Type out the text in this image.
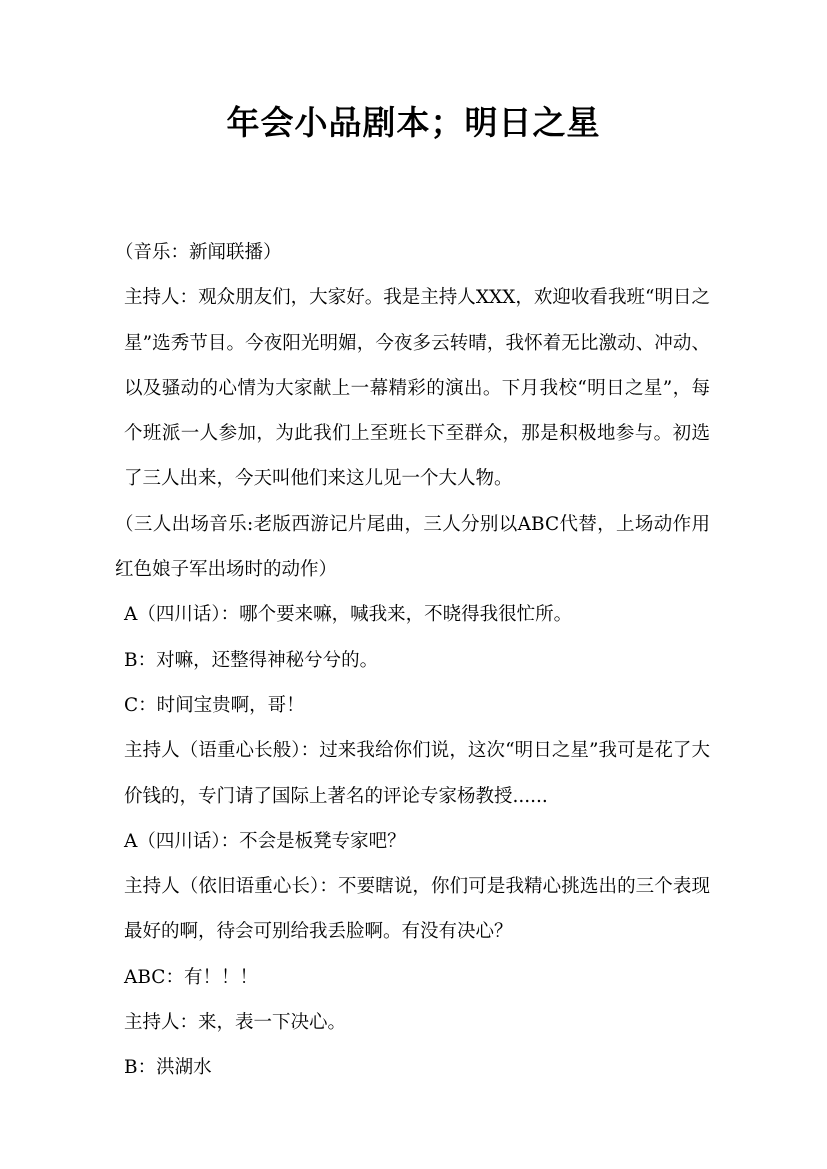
年会小品剧本；明日之星

（音乐：新闻联播）

主持人：观众朋友们，大家好。我是主持人XXX，欢迎收看我班“明日之星”选秀节目。今夜阳光明媚，今夜多云转晴，我怀着无比激动、冲动、以及骚动的心情为大家献上一幕精彩的演出。下月我校“明日之星”，每个班派一人参加，为此我们上至班长下至群众，那是积极地参与。初选了三人出来，今天叫他们来这儿见一个大人物。

（三人出场音乐:老版西游记片尾曲，三人分别以ABC代替，上场动作用红色娘子军出场时的动作）

A（四川话）：哪个要来嘛，喊我来，不晓得我很忙所。

B：对嘛，还整得神秘兮兮的。

C：时间宝贵啊，哥！

主持人（语重心长般）：过来我给你们说，这次“明日之星”我可是花了大价钱的，专门请了国际上著名的评论专家杨教授......

A（四川话）：不会是板凳专家吧？

主持人（依旧语重心长）：不要瞎说，你们可是我精心挑选出的三个表现最好的啊，待会可别给我丢脸啊。有没有决心？

ABC：有！！！

主持人：来，表一下决心。

B：洪湖水
